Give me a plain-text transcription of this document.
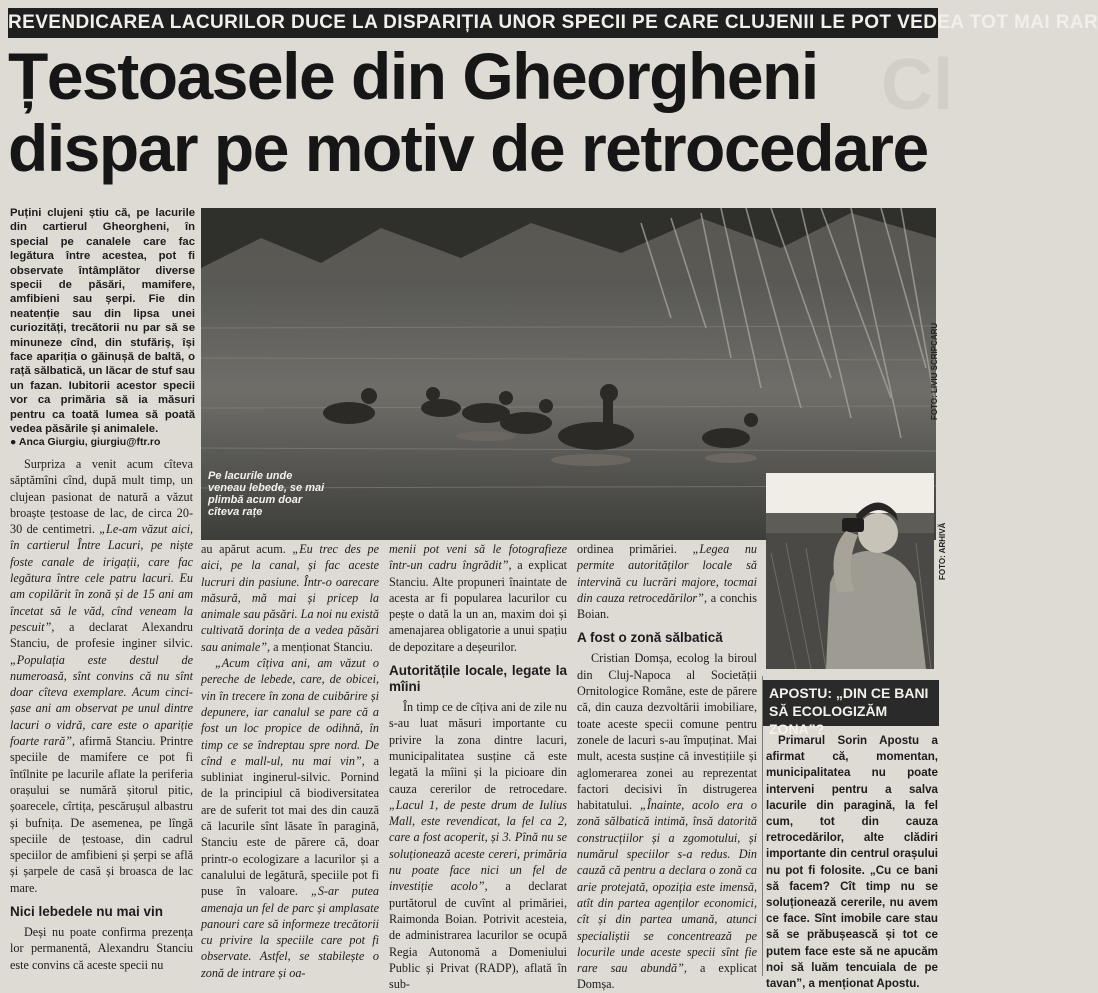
REVENDICAREA LACURILOR DUCE LA DISPARIȚIA UNOR SPECII PE CARE CLUJENII LE POT VEDEA TOT MAI RAR
Cl
Țestoasele din Gheorgheni
dispar pe motiv de retrocedare
Puțini clujeni știu că, pe lacurile din cartierul Gheorgheni, în special pe canalele care fac legătura între acestea, pot fi observate întâmplător diverse specii de păsări, mamifere, amfibieni sau șerpi. Fie din neatenție sau din lipsa unei curiozități, trecătorii nu par să se minuneze cînd, din stufăriș, își face apariția o găinușă de baltă, o rață sălbatică, un lăcar de stuf sau un fazan. Iubitorii acestor specii vor ca primăria să ia măsuri pentru ca toată lumea să poată vedea păsările și animalele.
● Anca Giurgiu, giurgiu@ftr.ro
Pe lacurile unde veneau lebede, se mai plimbă acum doar cîteva rațe
FOTO: LIVIU SCRIPCARU

Surpriza a venit acum cîteva săptămîni cînd, după mult timp, un clujean pasionat de natură a văzut broaște țestoase de lac, de circa 20-30 de centimetri. „Le-am văzut aici, în cartierul Între Lacuri, pe niște foste canale de irigații, care fac legătura între cele patru lacuri. Eu am copilărit în zonă și de 15 ani am încetat să le văd, cînd veneam la pescuit”, a declarat Alexandru Stanciu, de profesie inginer silvic. „Populația este destul de numeroasă, sînt convins că nu sînt doar cîteva exemplare. Acum cinci-șase ani am observat pe unul dintre lacuri o vidră, care este o apariție foarte rară”, afirmă Stanciu. Printre speciile de mamifere ce pot fi întîlnite pe lacurile aflate la periferia orașului se numără șitorul pitic, șoarecele, cîrtița, pescărușul albastru și bufnița. De asemenea, pe lîngă speciile de țestoase, din cadrul speciilor de amfibieni și șerpi se află și șarpele de casă și broasca de lac mare.

Nici lebedele nu mai vin

Deși nu poate confirma prezența lor permanentă, Alexandru Stanciu este convins că aceste specii nu

au apărut acum. „Eu trec des pe aici, pe la canal, și fac aceste lucruri din pasiune. Într-o oarecare măsură, mă mai și pricep la animale sau păsări. La noi nu există cultivată dorința de a vedea păsări sau animale”, a menționat Stanciu.

„Acum cîțiva ani, am văzut o pereche de lebede, care, de obicei, vin în trecere în zona de cuibărire și depunere, iar canalul se pare că a fost un loc propice de odihnă, în timp ce se îndreptau spre nord. De cînd e mall-ul, nu mai vin”, a subliniat inginerul-silvic. Pornind de la principiul că biodiversitatea are de suferit tot mai des din cauză că lacurile sînt lăsate în paragină, Stanciu este de părere că, doar printr-o ecologizare a lacurilor și a canalului de legătură, speciile pot fi puse în valoare. „S-ar putea amenaja un fel de parc și amplasate panouri care să informeze trecătorii cu privire la speciile care pot fi observate. Astfel, se stabilește o zonă de intrare și oa-

menii pot veni să le fotografieze într-un cadru îngrădit”, a explicat Stanciu. Alte propuneri înaintate de acesta ar fi popularea lacurilor cu pește o dată la un an, maxim doi și amenajarea obligatorie a unui spațiu de depozitare a deșeurilor.

Autoritățile locale, legate la mîini

În timp ce de cîțiva ani de zile nu s-au luat măsuri importante cu privire la zona dintre lacuri, municipalitatea susține că este legată la mîini și la picioare din cauza cererilor de retrocedare. „Lacul 1, de peste drum de Iulius Mall, este revendicat, la fel ca 2, care a fost acoperit, și 3. Pînă nu se soluționează aceste cereri, primăria nu poate face nici un fel de investiție acolo”, a declarat purtătorul de cuvînt al primăriei, Raimonda Boian. Potrivit acesteia, de administrarea lacurilor se ocupă Regia Autonomă a Domeniului Public și Privat (RADP), aflată în sub-

ordinea primăriei. „Legea nu permite autorităților locale să intervină cu lucrări majore, tocmai din cauza retrocedărilor”, a conchis Boian.

A fost o zonă sălbatică

Cristian Domșa, ecolog la biroul din Cluj-Napoca al Societății Ornitologice Române, este de părere că, din cauza dezvoltării imobiliare, toate aceste specii comune pentru zonele de lacuri s-au împuținat. Mai mult, acesta susține că investițiile și aglomerarea zonei au reprezentat factori decisivi în distrugerea habitatului. „Înainte, acolo era o zonă sălbatică intimă, însă datorită construcțiilor și a zgomotului, și numărul speciilor s-a redus. Din cauză că pentru a declara o zonă ca arie protejată, opoziția este imensă, atît din partea agenților economici, cît și din partea umană, atunci specialiștii se concentrează pe locurile unde aceste specii sînt fie rare sau abundă”, a explicat Domșa.

FOTO: ARHIVĂ
APOSTU: „DIN CE BANI SĂ ECOLOGIZĂM ZONA”?

Primarul Sorin Apostu a afirmat că, momentan, municipalitatea nu poate interveni pentru a salva lacurile din paragină, la fel cum, tot din cauza retrocedărilor, alte clădiri importante din centrul orașului nu pot fi folosite. „Cu ce bani să facem? Cît timp nu se soluționează cererile, nu avem ce face. Sînt imobile care stau să se prăbușească și tot ce putem face este să ne apucăm noi să luăm tencuiala de pe tavan”, a menționat Apostu.
